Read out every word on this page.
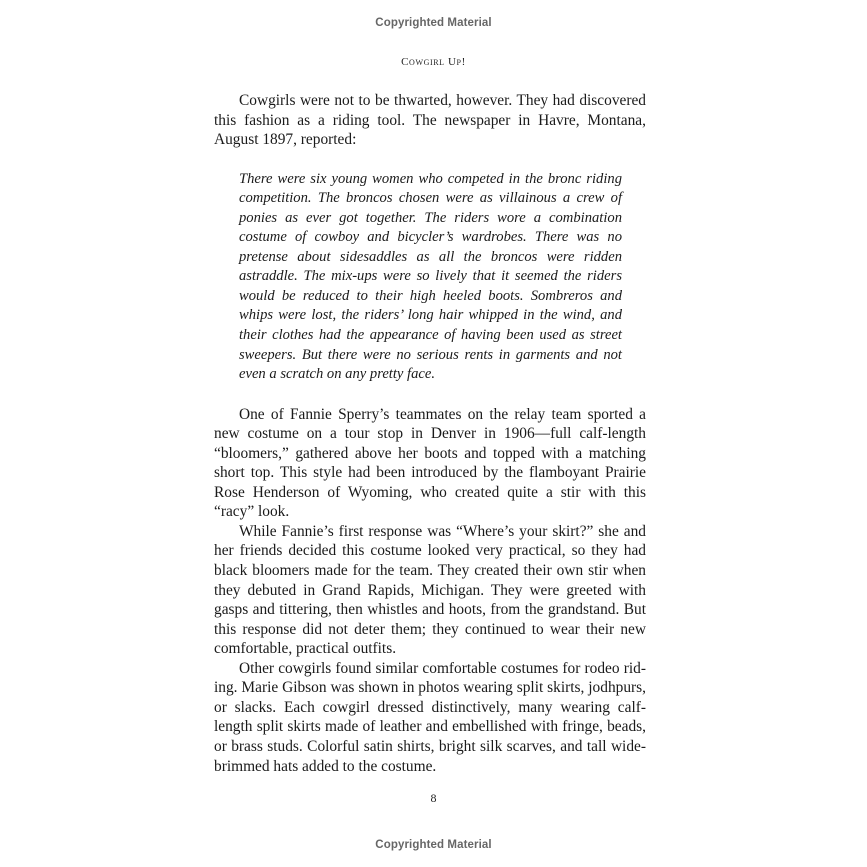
Copyrighted Material
Cowgirl Up!

Cowgirls were not to be thwarted, however. They had discovered this fashion as a riding tool. The newspaper in Havre, Montana, August 1897, reported:

There were six young women who competed in the bronc riding competition. The broncos chosen were as villainous a crew of ponies as ever got together. The riders wore a combination costume of cowboy and bicycler’s wardrobes. There was no pretense about sidesaddles as all the broncos were ridden astraddle. The mix-ups were so lively that it seemed the riders would be reduced to their high heeled boots. Sombreros and whips were lost, the riders’ long hair whipped in the wind, and their clothes had the appearance of having been used as street sweepers. But there were no serious rents in garments and not even a scratch on any pretty face.

One of Fannie Sperry’s teammates on the relay team sported a new costume on a tour stop in Denver in 1906—full calf-length “bloomers,” gathered above her boots and topped with a matching short top. This style had been introduced by the flamboyant Prairie Rose Henderson of Wyoming, who created quite a stir with this “racy” look.

While Fannie’s first response was “Where’s your skirt?” she and her friends decided this costume looked very practical, so they had black bloomers made for the team. They created their own stir when they debuted in Grand Rapids, Michigan. They were greeted with gasps and tittering, then whistles and hoots, from the grandstand. But this response did not deter them; they continued to wear their new comfortable, practical outfits.

Other cowgirls found similar comfortable costumes for rodeo riding. Marie Gibson was shown in photos wearing split skirts, jodhpurs, or slacks. Each cowgirl dressed distinctively, many wearing calf-length split skirts made of leather and embellished with fringe, beads, or brass studs. Colorful satin shirts, bright silk scarves, and tall wide-brimmed hats added to the costume.

8
Copyrighted Material
